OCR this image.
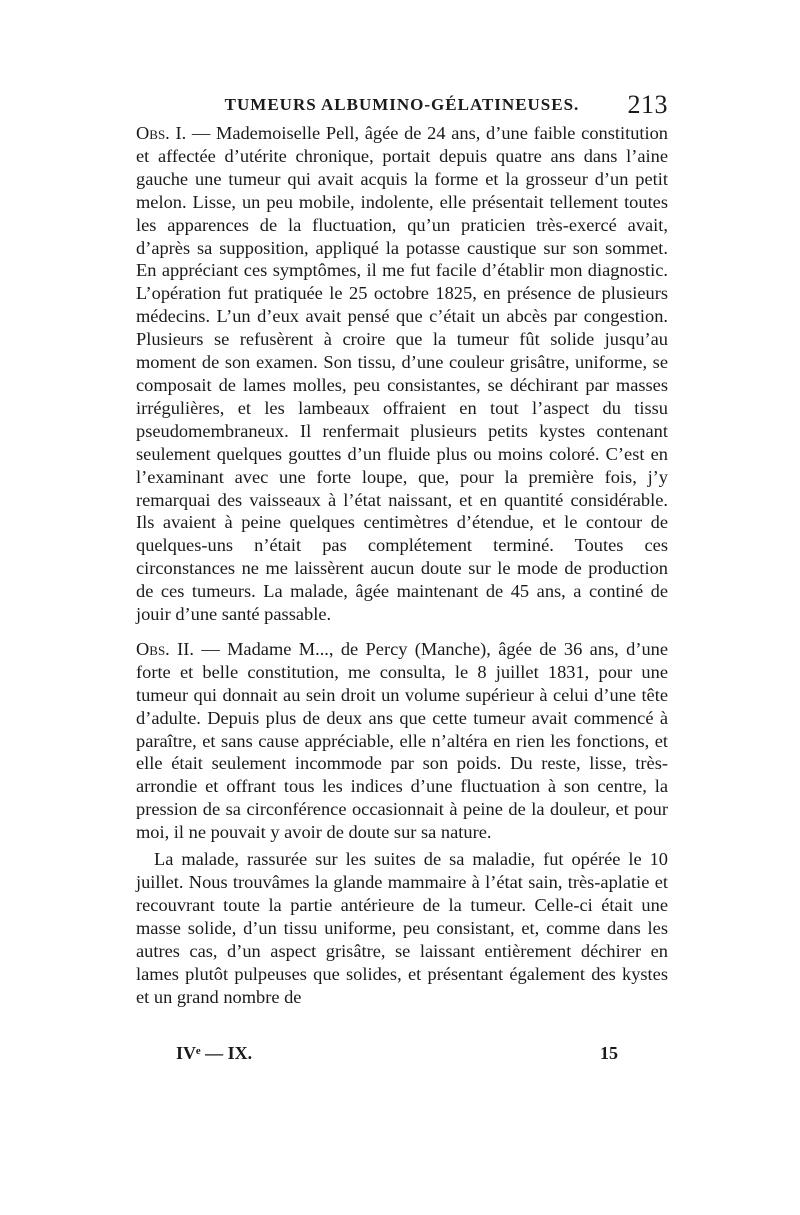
TUMEURS ALBUMINO-GÉLATINEUSES. 213

Obs. I. — Mademoiselle Pell, âgée de 24 ans, d’une faible constitution et affectée d’utérite chronique, portait depuis quatre ans dans l’aine gauche une tumeur qui avait acquis la forme et la grosseur d’un petit melon. Lisse, un peu mobile, indolente, elle présentait tellement toutes les apparences de la fluctuation, qu’un praticien très-exercé avait, d’après sa supposition, appliqué la potasse caustique sur son sommet. En appréciant ces symptômes, il me fut facile d’établir mon diagnostic. L’opération fut pratiquée le 25 octobre 1825, en présence de plusieurs médecins. L’un d’eux avait pensé que c’était un abcès par congestion. Plusieurs se refusèrent à croire que la tumeur fût solide jusqu’au moment de son examen. Son tissu, d’une couleur grisâtre, uniforme, se composait de lames molles, peu consistantes, se déchirant par masses irrégulières, et les lambeaux offraient en tout l’aspect du tissu pseudomembraneux. Il renfermait plusieurs petits kystes contenant seulement quelques gouttes d’un fluide plus ou moins coloré. C’est en l’examinant avec une forte loupe, que, pour la première fois, j’y remarquai des vaisseaux à l’état naissant, et en quantité considérable. Ils avaient à peine quelques centimètres d’étendue, et le contour de quelques-uns n’était pas complétement terminé. Toutes ces circonstances ne me laissèrent aucun doute sur le mode de production de ces tumeurs. La malade, âgée maintenant de 45 ans, a continé de jouir d’une santé passable.

Obs. II. — Madame M..., de Percy (Manche), âgée de 36 ans, d’une forte et belle constitution, me consulta, le 8 juillet 1831, pour une tumeur qui donnait au sein droit un volume supérieur à celui d’une tête d’adulte. Depuis plus de deux ans que cette tumeur avait commencé à paraître, et sans cause appréciable, elle n’altéra en rien les fonctions, et elle était seulement incommode par son poids. Du reste, lisse, très-arrondie et offrant tous les indices d’une fluctuation à son centre, la pression de sa circonférence occasionnait à peine de la douleur, et pour moi, il ne pouvait y avoir de doute sur sa nature.

La malade, rassurée sur les suites de sa maladie, fut opérée le 10 juillet. Nous trouvâmes la glande mammaire à l’état sain, très-aplatie et recouvrant toute la partie antérieure de la tumeur. Celle-ci était une masse solide, d’un tissu uniforme, peu consistant, et, comme dans les autres cas, d’un aspect grisâtre, se laissant entièrement déchirer en lames plutôt pulpeuses que solides, et présentant également des kystes et un grand nombre de

IVᵉ — IX.	15
